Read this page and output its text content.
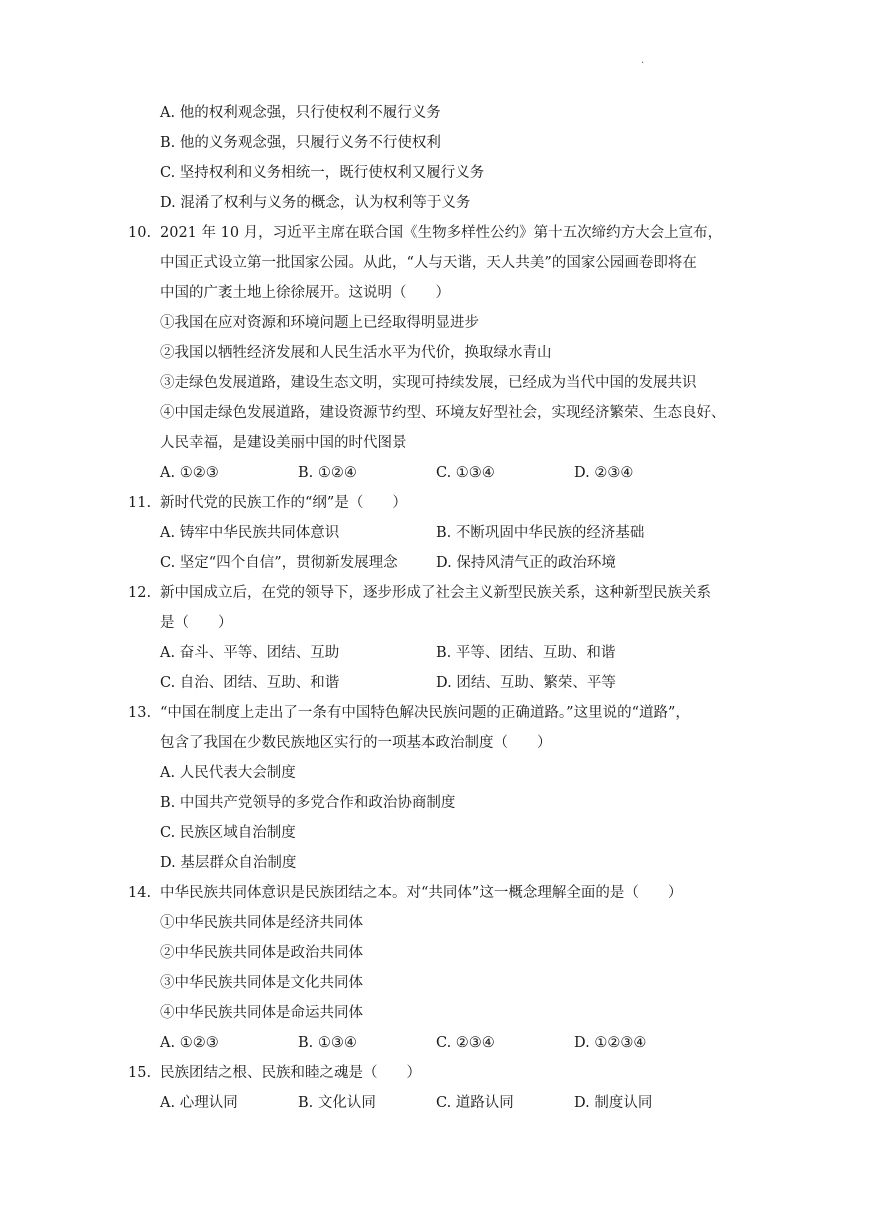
.
A. 他的权利观念强，只行使权利不履行义务
B. 他的义务观念强，只履行义务不行使权利
C. 坚持权利和义务相统一，既行使权利又履行义务
D. 混淆了权利与义务的概念，认为权利等于义务
10. 2021 年 10 月，习近平主席在联合国《生物多样性公约》第十五次缔约方大会上宣布，
中国正式设立第一批国家公园。从此，“人与天谐，天人共美”的国家公园画卷即将在
中国的广袤土地上徐徐展开。这说明（　　）
①我国在应对资源和环境问题上已经取得明显进步
②我国以牺牲经济发展和人民生活水平为代价，换取绿水青山
③走绿色发展道路，建设生态文明，实现可持续发展，已经成为当代中国的发展共识
④中国走绿色发展道路，建设资源节约型、环境友好型社会，实现经济繁荣、生态良好、
人民幸福，是建设美丽中国的时代图景
A. ①②③	B. ①②④	C. ①③④	D. ②③④
11. 新时代党的民族工作的“纲”是（　　）
A. 铸牢中华民族共同体意识	B. 不断巩固中华民族的经济基础
C. 坚定“四个自信”，贯彻新发展理念	D. 保持风清气正的政治环境
12. 新中国成立后，在党的领导下，逐步形成了社会主义新型民族关系，这种新型民族关系
是（　　）
A. 奋斗、平等、团结、互助	B. 平等、团结、互助、和谐
C. 自治、团结、互助、和谐	D. 团结、互助、繁荣、平等
13. “中国在制度上走出了一条有中国特色解决民族问题的正确道路。”这里说的“道路”，
包含了我国在少数民族地区实行的一项基本政治制度（　　）
A. 人民代表大会制度
B. 中国共产党领导的多党合作和政治协商制度
C. 民族区域自治制度
D. 基层群众自治制度
14. 中华民族共同体意识是民族团结之本。对“共同体”这一概念理解全面的是（　　）
①中华民族共同体是经济共同体
②中华民族共同体是政治共同体
③中华民族共同体是文化共同体
④中华民族共同体是命运共同体
A. ①②③	B. ①③④	C. ②③④	D. ①②③④
15. 民族团结之根、民族和睦之魂是（　　）
A. 心理认同	B. 文化认同	C. 道路认同	D. 制度认同
